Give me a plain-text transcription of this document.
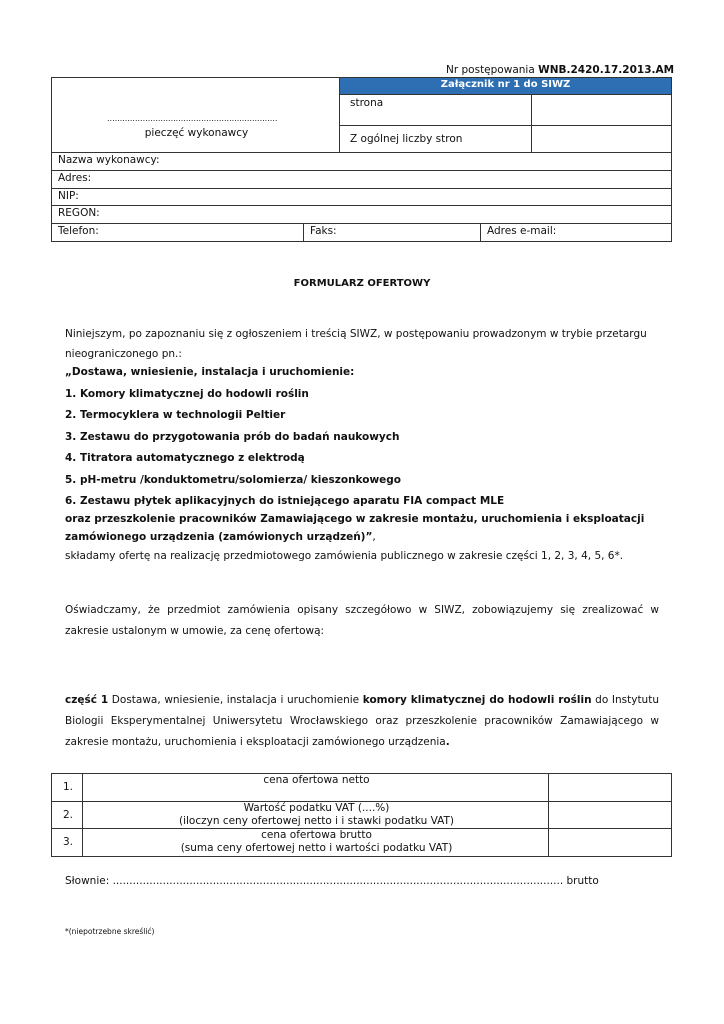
Nr postępowania WNB.2420.17.2013.AM
...................................................................
pieczęć wykonawcy
Załącznik nr 1 do SIWZ
strona
Z ogólnej liczby stron
Nazwa wykonawcy:
Adres:
NIP:
REGON:
Telefon:	Faks:	Adres e-mail:
FORMULARZ OFERTOWY
Niniejszym, po zapoznaniu się z ogłoszeniem i treścią SIWZ, w postępowaniu prowadzonym w trybie przetargu nieograniczonego pn.:
„Dostawa, wniesienie, instalacja i uruchomienie:
1. Komory klimatycznej do hodowli roślin
2. Termocyklera w technologii Peltier
3. Zestawu do przygotowania prób do badań naukowych
4. Titratora automatycznego z elektrodą
5. pH-metru /konduktometru/solomierza/ kieszonkowego
6. Zestawu płytek aplikacyjnych do istniejącego aparatu FIA compact MLE
oraz przeszkolenie pracowników Zamawiającego w zakresie montażu, uruchomienia i eksploatacji
zamówionego urządzenia (zamówionych urządzeń)”,
składamy ofertę na realizację przedmiotowego zamówienia publicznego w zakresie części 1, 2, 3, 4, 5, 6*.
Oświadczamy, że przedmiot zamówienia opisany szczegółowo w SIWZ, zobowiązujemy się zrealizować w zakresie ustalonym w umowie, za cenę ofertową:
część 1 Dostawa, wniesienie, instalacja i uruchomienie komory klimatycznej do hodowli roślin do Instytutu Biologii Eksperymentalnej Uniwersytetu Wrocławskiego oraz przeszkolenie pracowników Zamawiającego w zakresie montażu, uruchomienia i eksploatacji zamówionego urządzenia.
1.
cena ofertowa netto
2.
Wartość podatku VAT (....%)
(iloczyn ceny ofertowej netto i i stawki podatku VAT)
3.
cena ofertowa brutto
(suma ceny ofertowej netto i wartości podatku VAT)
Słownie: ....................................................................................................................................... brutto
*(niepotrzebne skreślić)
